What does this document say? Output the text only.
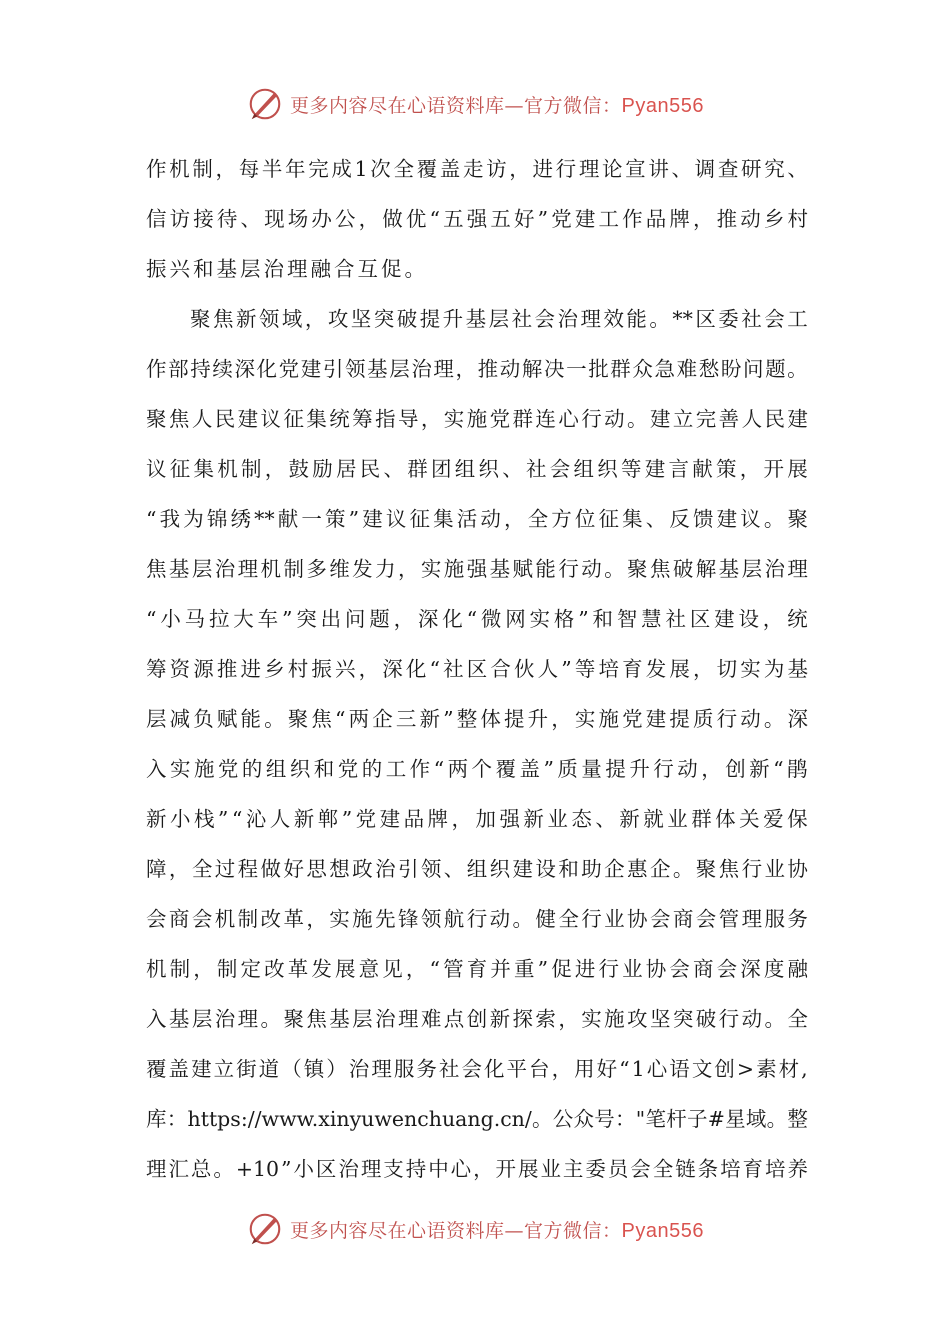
更多内容尽在心语资料库—官方微信：Pyan556
作 机 制 ， 每 半 年 完 成 1 次 全 覆 盖 走 访 ， 进 行 理 论 宣 讲 、 调 查 研 究 、
信 访 接 待 、 现 场 办 公 ， 做 优 “ 五 强 五 好 ” 党 建 工 作 品 牌 ， 推 动 乡 村
振兴和基层治理融合互促。
聚 焦 新 领 域 ， 攻 坚 突 破 提 升 基 层 社 会 治 理 效 能 。 ** 区 委 社 会 工
作 部 持 续 深 化 党 建 引 领 基 层 治 理 ， 推 动 解 决 一 批 群 众 急 难 愁 盼 问 题 。
聚 焦 人 民 建 议 征 集 统 筹 指 导 ， 实 施 党 群 连 心 行 动 。 建 立 完 善 人 民 建
议 征 集 机 制 ， 鼓 励 居 民 、 群 团 组 织 、 社 会 组 织 等 建 言 献 策 ， 开 展
“ 我 为 锦 绣 ** 献 一 策 ” 建 议 征 集 活 动 ， 全 方 位 征 集 、 反 馈 建 议 。 聚
焦 基 层 治 理 机 制 多 维 发 力 ， 实 施 强 基 赋 能 行 动 。 聚 焦 破 解 基 层 治 理
“ 小 马 拉 大 车 ” 突 出 问 题 ， 深 化 “ 微 网 实 格 ” 和 智 慧 社 区 建 设 ， 统
筹 资 源 推 进 乡 村 振 兴 ， 深 化 “ 社 区 合 伙 人 ” 等 培 育 发 展 ， 切 实 为 基
层 减 负 赋 能 。 聚 焦 “ 两 企 三 新 ” 整 体 提 升 ， 实 施 党 建 提 质 行 动 。 深
入 实 施 党 的 组 织 和 党 的 工 作 “ 两 个 覆 盖 ” 质 量 提 升 行 动 ， 创 新 “ 鹃
新 小 栈 ” “ 沁 人 新 郸 ” 党 建 品 牌 ， 加 强 新 业 态 、 新 就 业 群 体 关 爱 保
障 ， 全 过 程 做 好 思 想 政 治 引 领 、 组 织 建 设 和 助 企 惠 企 。 聚 焦 行 业 协
会 商 会 机 制 改 革 ， 实 施 先 锋 领 航 行 动 。 健 全 行 业 协 会 商 会 管 理 服 务
机 制 ， 制 定 改 革 发 展 意 见 ， “ 管 育 并 重 ” 促 进 行 业 协 会 商 会 深 度 融
入 基 层 治 理 。 聚 焦 基 层 治 理 难 点 创 新 探 索 ， 实 施 攻 坚 突 破 行 动 。 全
覆 盖 建 立 街 道 （ 镇 ） 治 理 服 务 社 会 化 平 台 ， 用 好 “ 1 心 语 文 创 > 素 材 ,
库 ： https://www.xinyuwenchuang.cn/ 。 公 众 号 ： " 笔 杆 子 # 星 域 。 整
理 汇 总 。 +10 ” 小 区 治 理 支 持 中 心 ， 开 展 业 主 委 员 会 全 链 条 培 育 培 养
更多内容尽在心语资料库—官方微信：Pyan556
